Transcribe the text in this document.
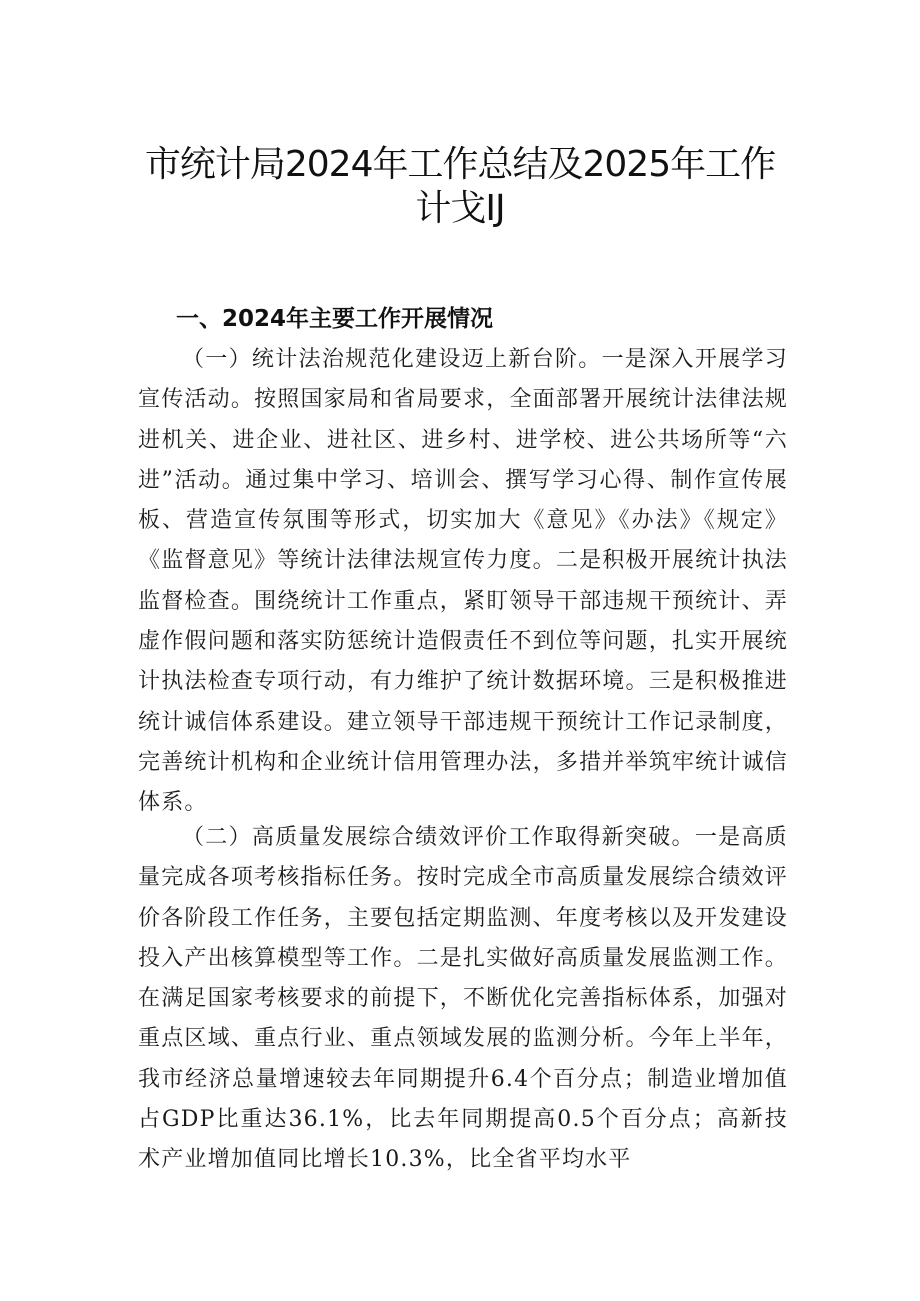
市统计局2024年工作总结及2025年工作
计戈IJ
一、2024年主要工作开展情况

（一）统计法治规范化建设迈上新台阶。一是深入开展学习宣传活动。按照国家局和省局要求，全面部署开展统计法律法规进机关、进企业、进社区、进乡村、进学校、进公共场所等“六进”活动。通过集中学习、培训会、撰写学习心得、制作宣传展板、营造宣传氛围等形式，切实加大《意见》《办法》《规定》《监督意见》等统计法律法规宣传力度。二是积极开展统计执法监督检查。围绕统计工作重点，紧盯领导干部违规干预统计、弄虚作假问题和落实防惩统计造假责任不到位等问题，扎实开展统计执法检查专项行动，有力维护了统计数据环境。三是积极推进统计诚信体系建设。建立领导干部违规干预统计工作记录制度，完善统计机构和企业统计信用管理办法，多措并举筑牢统计诚信体系。

（二）高质量发展综合绩效评价工作取得新突破。一是高质量完成各项考核指标任务。按时完成全市高质量发展综合绩效评价各阶段工作任务，主要包括定期监测、年度考核以及开发建设投入产出核算模型等工作。二是扎实做好高质量发展监测工作。在满足国家考核要求的前提下，不断优化完善指标体系，加强对重点区域、重点行业、重点领域发展的监测分析。今年上半年，我市经济总量增速较去年同期提升6.4个百分点；制造业增加值占GDP比重达36.1%，比去年同期提高0.5个百分点；高新技术产业增加值同比增长10.3%，比全省平均水平
